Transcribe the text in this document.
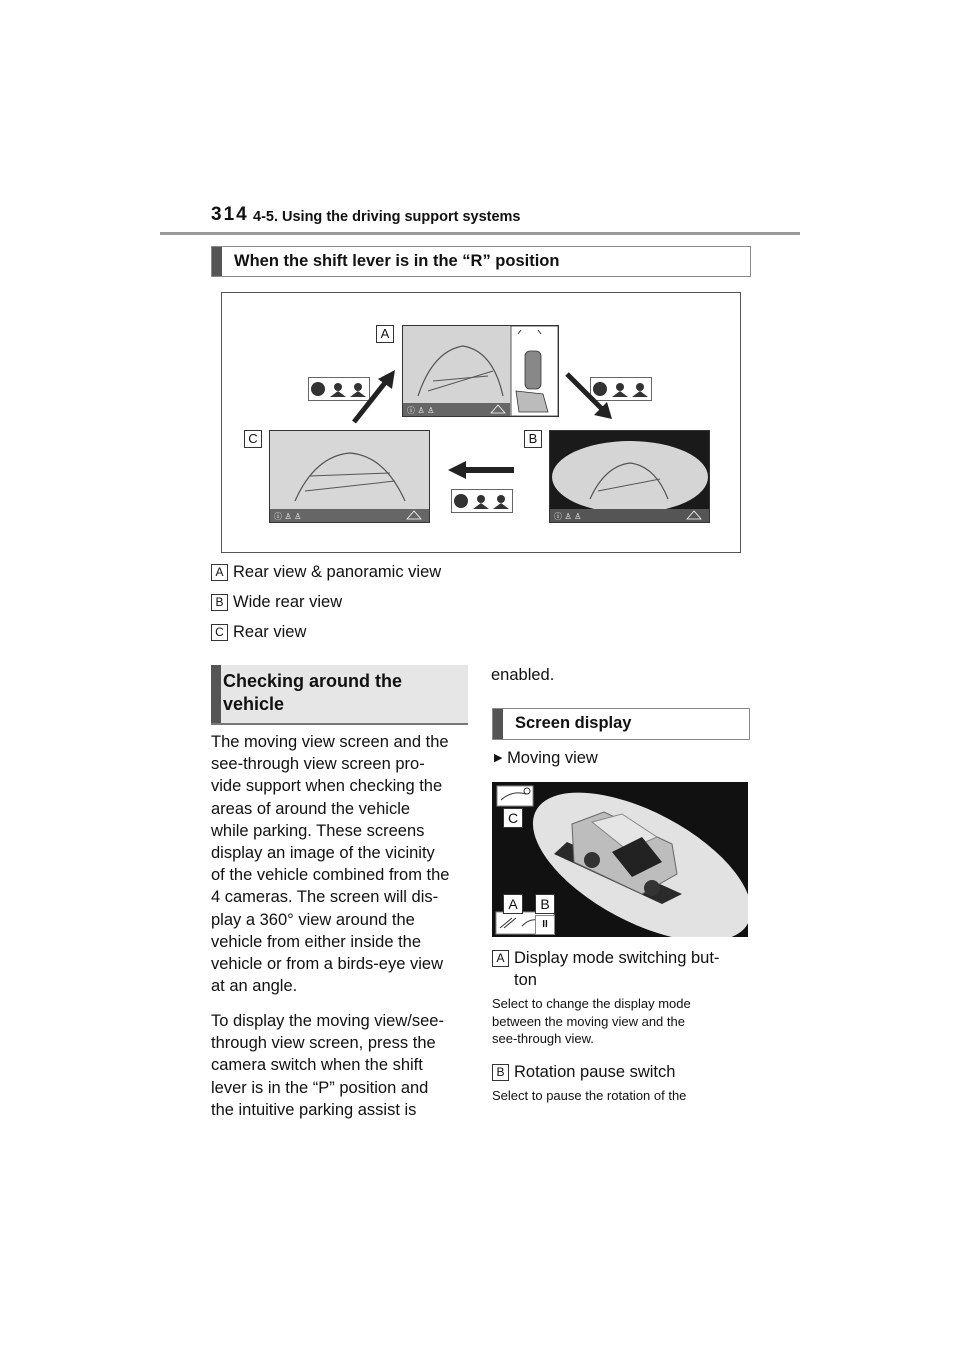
314 4-5. Using the driving support systems
When the shift lever is in the “R” position
ⓘ ♙ ♙
A
ⓘ ♙ ♙
B
ⓘ ♙ ♙
C
A Rear view & panoramic view
B Wide rear view
C Rear view
Checking around the
vehicle
The moving view screen and the
see-through view screen pro-
vide support when checking the
areas of around the vehicle
while parking. These screens
display an image of the vicinity
of the vehicle combined from the
4 cameras. The screen will dis-
play a 360° view around the
vehicle from either inside the
vehicle or from a birds-eye view
at an angle.
To display the moving view/see-
through view screen, press the
camera switch when the shift
lever is in the “P” position and
the intuitive parking assist is
enabled.
Screen display
▶ Moving view
C
A	B
II
A Display mode switching but-
ton
Select to change the display mode
between the moving view and the
see-through view.
B Rotation pause switch
Select to pause the rotation of the
